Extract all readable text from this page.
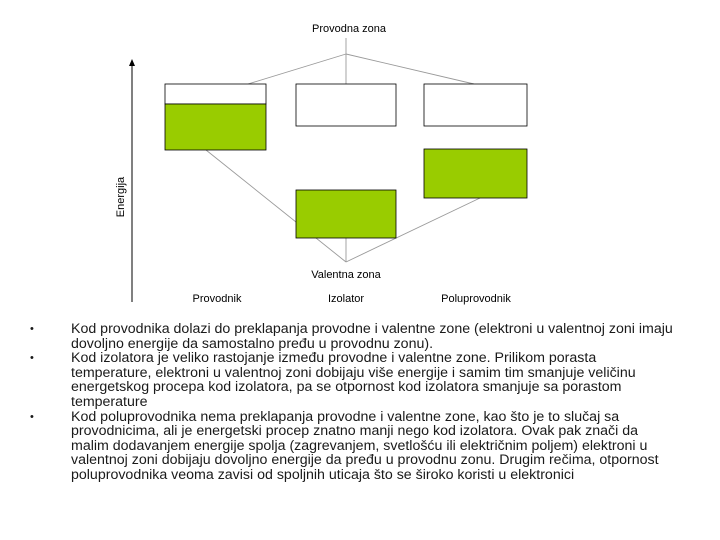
Energija
Provodna zona
Valentna zona
Provodnik	Izolator	Poluprovodnik
•	Kod provodnika dolazi do preklapanja provodne i valentne zone (elektroni u valentnoj zoni imaju dovoljno energije da samostalno pređu u provodnu zonu).
•	Kod izolatora je veliko rastojanje između provodne i valentne zone. Prilikom porasta temperature, elektroni u valentnoj zoni dobijaju više energije i samim tim smanjuje veličinu energetskog procepa kod izolatora, pa se otpornost kod izolatora smanjuje sa porastom temperature
•	Kod poluprovodnika nema preklapanja provodne i valentne zone, kao što je to slučaj sa provodnicima, ali je energetski procep znatno manji nego kod izolatora. Ovak pak znači da malim dodavanjem energije spolja (zagrevanjem, svetlošću ili električnim poljem) elektroni u valentnoj zoni dobijaju dovoljno energije da pređu u provodnu zonu. Drugim rečima, otpornost poluprovodnika veoma zavisi od spoljnih uticaja što se široko koristi u elektronici
